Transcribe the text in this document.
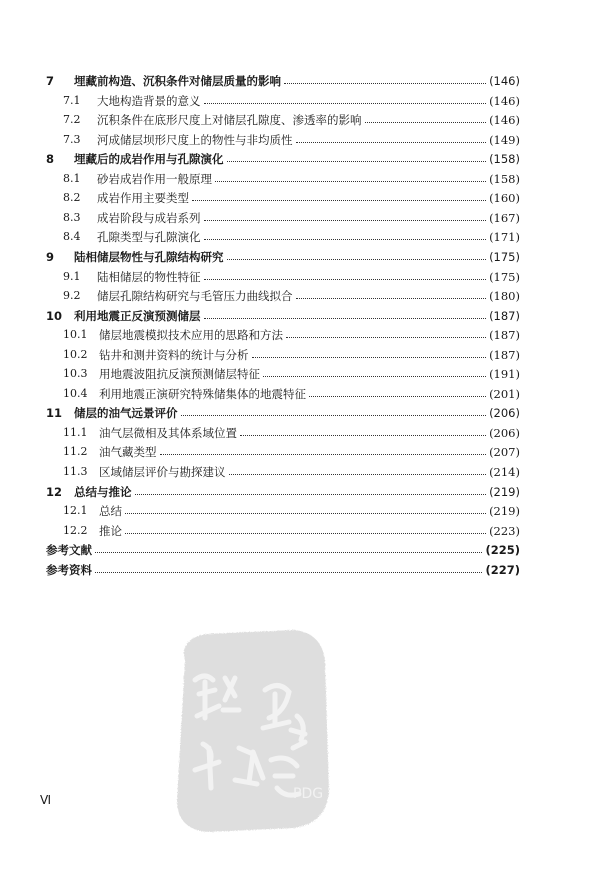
7	埋藏前构造、沉积条件对储层质量的影响	(146)
7.1	大地构造背景的意义	(146)
7.2	沉积条件在底形尺度上对储层孔隙度、渗透率的影响	(146)
7.3	河成储层坝形尺度上的物性与非均质性	(149)
8	埋藏后的成岩作用与孔隙演化	(158)
8.1	砂岩成岩作用一般原理	(158)
8.2	成岩作用主要类型	(160)
8.3	成岩阶段与成岩系列	(167)
8.4	孔隙类型与孔隙演化	(171)
9	陆相储层物性与孔隙结构研究	(175)
9.1	陆相储层的物性特征	(175)
9.2	储层孔隙结构研究与毛管压力曲线拟合	(180)
10	利用地震正反演预测储层	(187)
10.1	储层地震模拟技术应用的思路和方法	(187)
10.2	钻井和测井资料的统计与分析	(187)
10.3	用地震波阻抗反演预测储层特征	(191)
10.4	利用地震正演研究特殊储集体的地震特征	(201)
11	储层的油气远景评价	(206)
11.1	油气层微相及其体系域位置	(206)
11.2	油气藏类型	(207)
11.3	区域储层评价与勘探建议	(214)
12	总结与推论	(219)
12.1	总结	(219)
12.2	推论	(223)
参考文献	(225)
参考资料	(227)
Ⅵ	PDG
